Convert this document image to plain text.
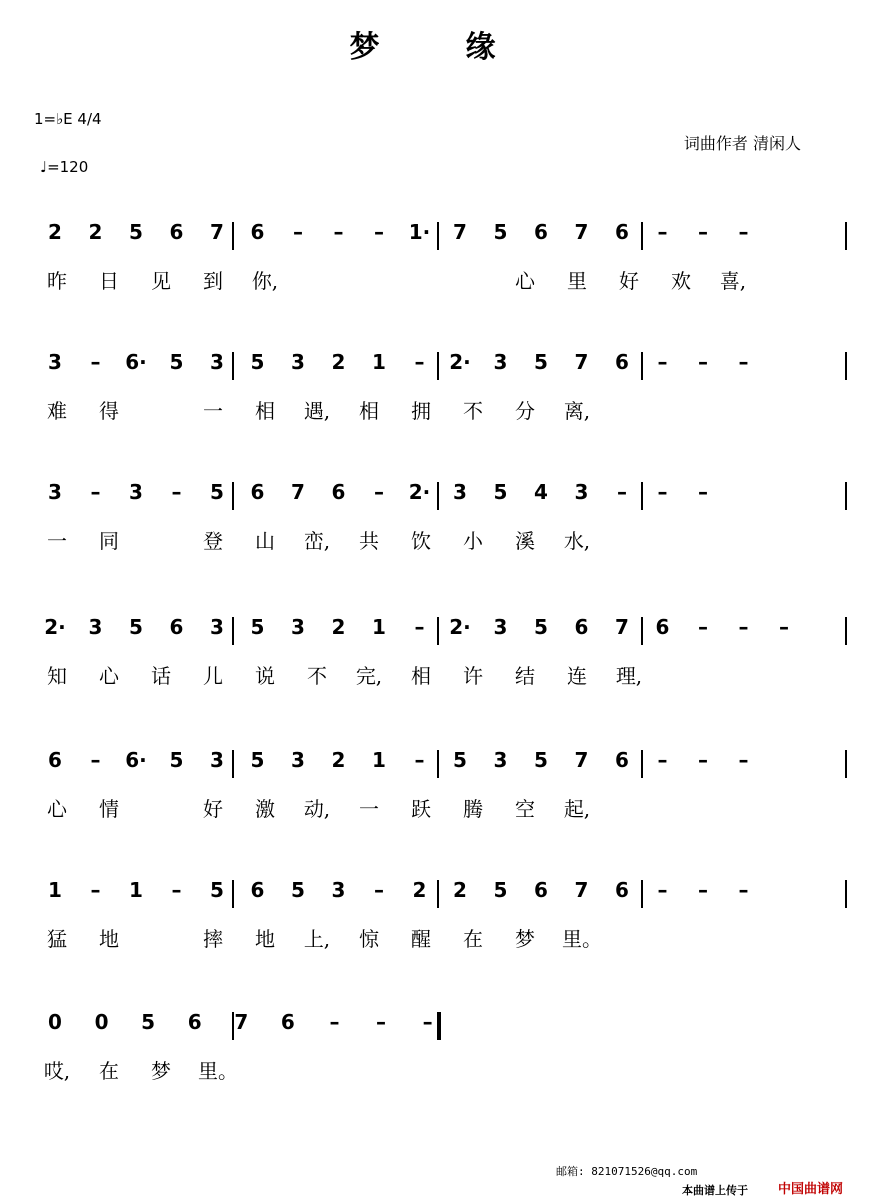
梦　缘
1=♭E 4/4
♩=120
词曲作者 清闲人
2 2 5 6 7 6	–	–	–	1· 7 5 6 7 6	–	–	–
昨 日 见 到 你,	心 里 好 欢 喜,
3	–	6· 5 3 5 3 2 1	–	2· 3 5 7 6	–	–	–
难 得	一 相 遇, 相 拥 不 分 离,
3	–	3	–	5 6 7 6	–	2· 3 5 4 3	–	–	–
一 同	登 山 峦, 共 饮 小 溪 水,
2· 3 5 6 3 5 3 2 1	–	2· 3 5 6 7 6	–	–	–
知 心 话 儿 说 不 完, 相 许 结 连 理,
6	–	6· 5 3 5 3 2 1	–	5 3 5 7 6	–	–	–
心 情	好 激 动, 一 跃 腾 空 起,
1	–	1	–	5 6 5 3	–	2 2 5 6 7 6	–	–	–
猛 地	摔 地 上, 惊 醒 在 梦 里。
0 0 5 6 7 6	–	–	–
哎, 在 梦 里。
邮箱: 821071526@qq.com
本曲谱上传于 中国曲谱网
